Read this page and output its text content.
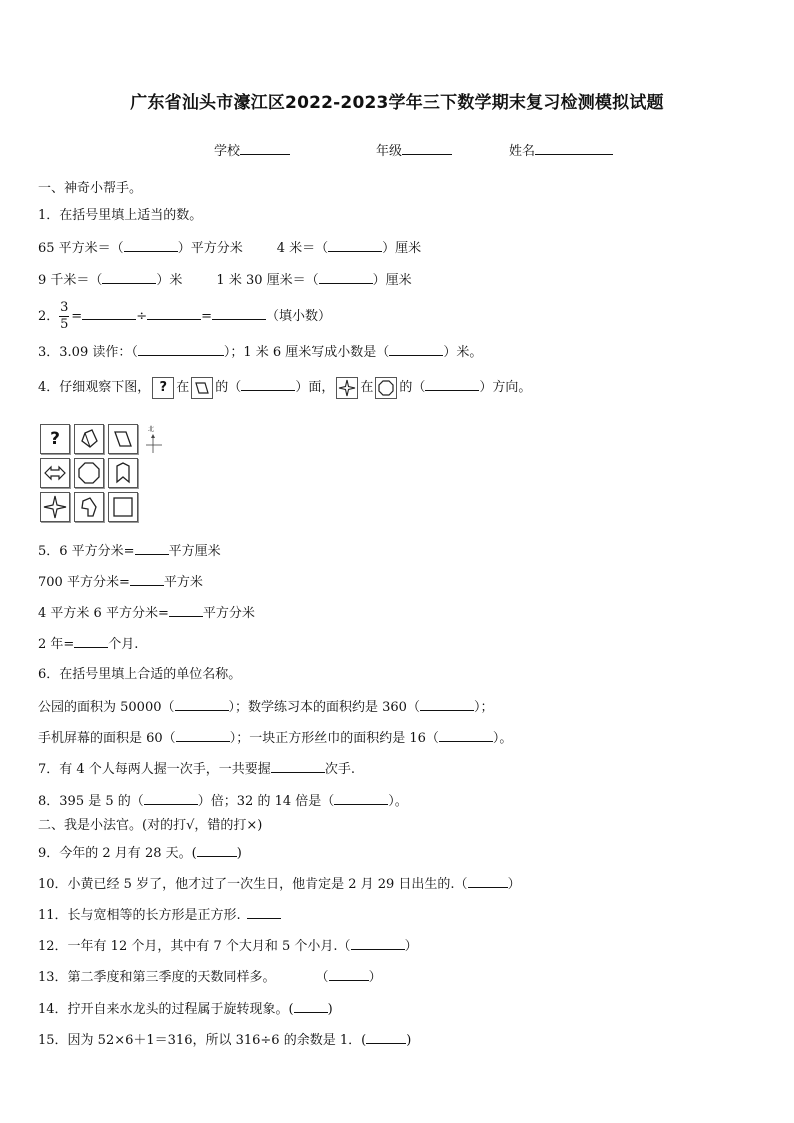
广东省汕头市濠江区2022-2023学年三下数学期末复习检测模拟试题
学校	年级	姓名
一、神奇小帮手。
1．在括号里填上适当的数。
65 平方米＝（	）平方分米	4 米＝（	）厘米
9 千米＝（	）米	1 米 30 厘米＝（	）厘米
2． $\frac{3}{5}$ =	÷	=	（填小数）
3．3.09 读作：（	）；1 米 6 厘米写成小数是（	）米。
4．仔细观察下图， ? 在 的（	）面， 在 的（	）方向。
?	北
5．6 平方分米=	平方厘米
700 平方分米=	平方米
4 平方米 6 平方分米=	平方分米
2 年=	个月.
6．在括号里填上合适的单位名称。
公园的面积为 50000（	）；数学练习本的面积约是 360（	）；
手机屏幕的面积是 60（	）；一块正方形丝巾的面积约是 16（	）。
7．有 4 个人每两人握一次手，一共要握	次手.
8．395 是 5 的（	）倍；32 的 14 倍是（	）。
二、我是小法官。(对的打√，错的打×)
9．今年的 2 月有 28 天。(	)
10．小黄已经 5 岁了，他才过了一次生日，他肯定是 2 月 29 日出生的.（	）
11．长与宽相等的长方形是正方形.
12．一年有 12 个月，其中有 7 个大月和 5 个小月.（	）
13．第二季度和第三季度的天数同样多。	（	）
14．拧开自来水龙头的过程属于旋转现象。(	)
15．因为 52×6＋1＝316，所以 316÷6 的余数是 1．(	)
